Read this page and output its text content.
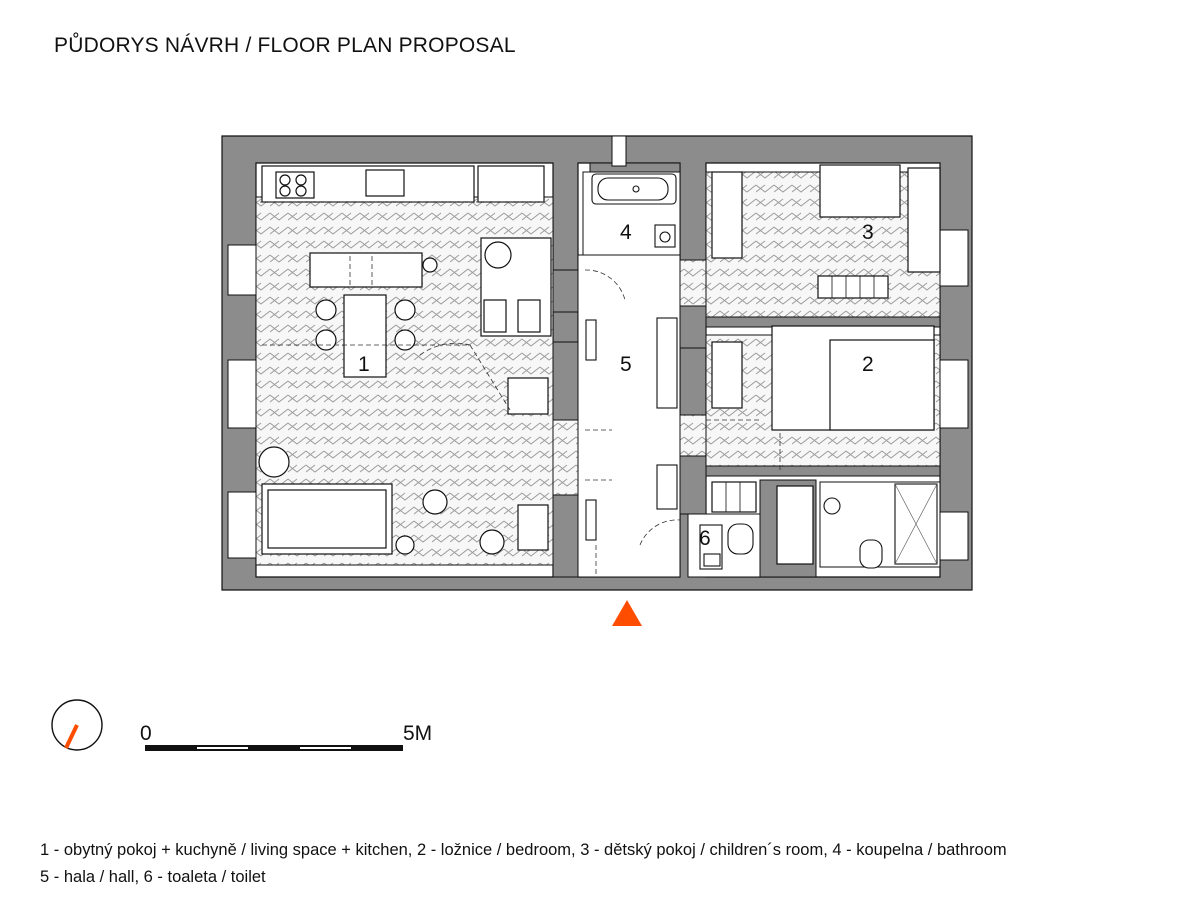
PŮDORYS NÁVRH / FLOOR PLAN PROPOSAL
1	2
3
4
5
6
0	5M
1 - obytný pokoj + kuchyně / living space + kitchen, 2 - ložnice / bedroom, 3 - dětský pokoj / children´s room, 4 - koupelna / bathroom
5 - hala / hall, 6 - toaleta / toilet
